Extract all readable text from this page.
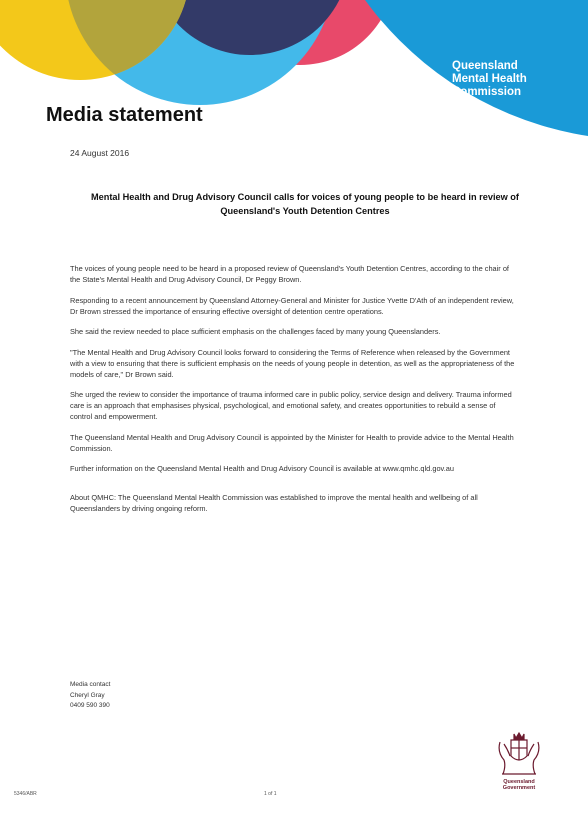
Queensland
Mental Health
Commission
Media statement
24 August 2016
Mental Health and Drug Advisory Council calls for voices of young people to be heard in review of Queensland's Youth Detention Centres

The voices of young people need to be heard in a proposed review of Queensland's Youth Detention Centres, according to the chair of the State's Mental Health and Drug Advisory Council, Dr Peggy Brown.

Responding to a recent announcement by Queensland Attorney-General and Minister for Justice Yvette D'Ath of an independent review, Dr Brown stressed the importance of ensuring effective oversight of detention centre operations.

She said the review needed to place sufficient emphasis on the challenges faced by many young Queenslanders.

"The Mental Health and Drug Advisory Council looks forward to considering the Terms of Reference when released by the Government with a view to ensuring that there is sufficient emphasis on the needs of young people in detention, as well as the appropriateness of the models of care," Dr Brown said.

She urged the review to consider the importance of trauma informed care in public policy, service design and delivery. Trauma informed care is an approach that emphasises physical, psychological, and emotional safety, and creates opportunities to rebuild a sense of control and empowerment.

The Queensland Mental Health and Drug Advisory Council is appointed by the Minister for Health to provide advice to the Mental Health Commission.

Further information on the Queensland Mental Health and Drug Advisory Council is available at www.qmhc.qld.gov.au

About QMHC: The Queensland Mental Health Commission was established to improve the mental health and wellbeing of all Queenslanders by driving ongoing reform.

Media contact
Cheryl Gray
0409 590 390
Queensland
Government
5346/ABR	1 of 1
